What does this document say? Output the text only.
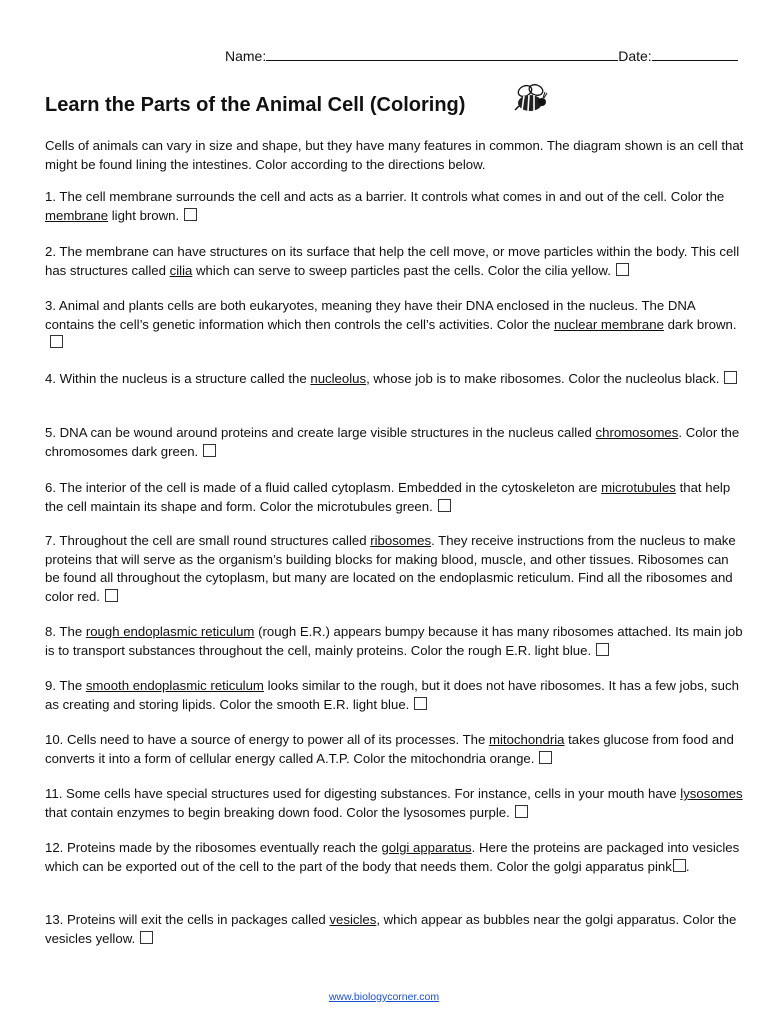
Name:	Date:
Learn the Parts of the Animal Cell (Coloring)
Cells of animals can vary in size and shape, but they have many features in common. The diagram shown is an cell that might be found lining the intestines. Color according to the directions below.
1. The cell membrane surrounds the cell and acts as a barrier. It controls what comes in and out of the cell. Color the membrane light brown.
2. The membrane can have structures on its surface that help the cell move, or move particles within the body. This cell has structures called cilia which can serve to sweep particles past the cells. Color the cilia yellow.
3. Animal and plants cells are both eukaryotes, meaning they have their DNA enclosed in the nucleus. The DNA contains the cell’s genetic information which then controls the cell’s activities. Color the nuclear membrane dark brown.
4. Within the nucleus is a structure called the nucleolus, whose job is to make ribosomes. Color the nucleolus black.
5. DNA can be wound around proteins and create large visible structures in the nucleus called chromosomes. Color the chromosomes dark green.
6. The interior of the cell is made of a fluid called cytoplasm. Embedded in the cytoskeleton are microtubules that help the cell maintain its shape and form. Color the microtubules green.
7. Throughout the cell are small round structures called ribosomes. They receive instructions from the nucleus to make proteins that will serve as the organism’s building blocks for making blood, muscle, and other tissues. Ribosomes can be found all throughout the cytoplasm, but many are located on the endoplasmic reticulum. Find all the ribosomes and color red.
8. The rough endoplasmic reticulum (rough E.R.) appears bumpy because it has many ribosomes attached. Its main job is to transport substances throughout the cell, mainly proteins. Color the rough E.R. light blue.
9. The smooth endoplasmic reticulum looks similar to the rough, but it does not have ribosomes. It has a few jobs, such as creating and storing lipids. Color the smooth E.R. light blue.
10. Cells need to have a source of energy to power all of its processes. The mitochondria takes glucose from food and converts it into a form of cellular energy called A.T.P. Color the mitochondria orange.
11. Some cells have special structures used for digesting substances. For instance, cells in your mouth have lysosomes that contain enzymes to begin breaking down food. Color the lysosomes purple.
12. Proteins made by the ribosomes eventually reach the golgi apparatus. Here the proteins are packaged into vesicles which can be exported out of the cell to the part of the body that needs them. Color the golgi apparatus pink .
13. Proteins will exit the cells in packages called vesicles, which appear as bubbles near the golgi apparatus. Color the vesicles yellow.
www.biologycorner.com
